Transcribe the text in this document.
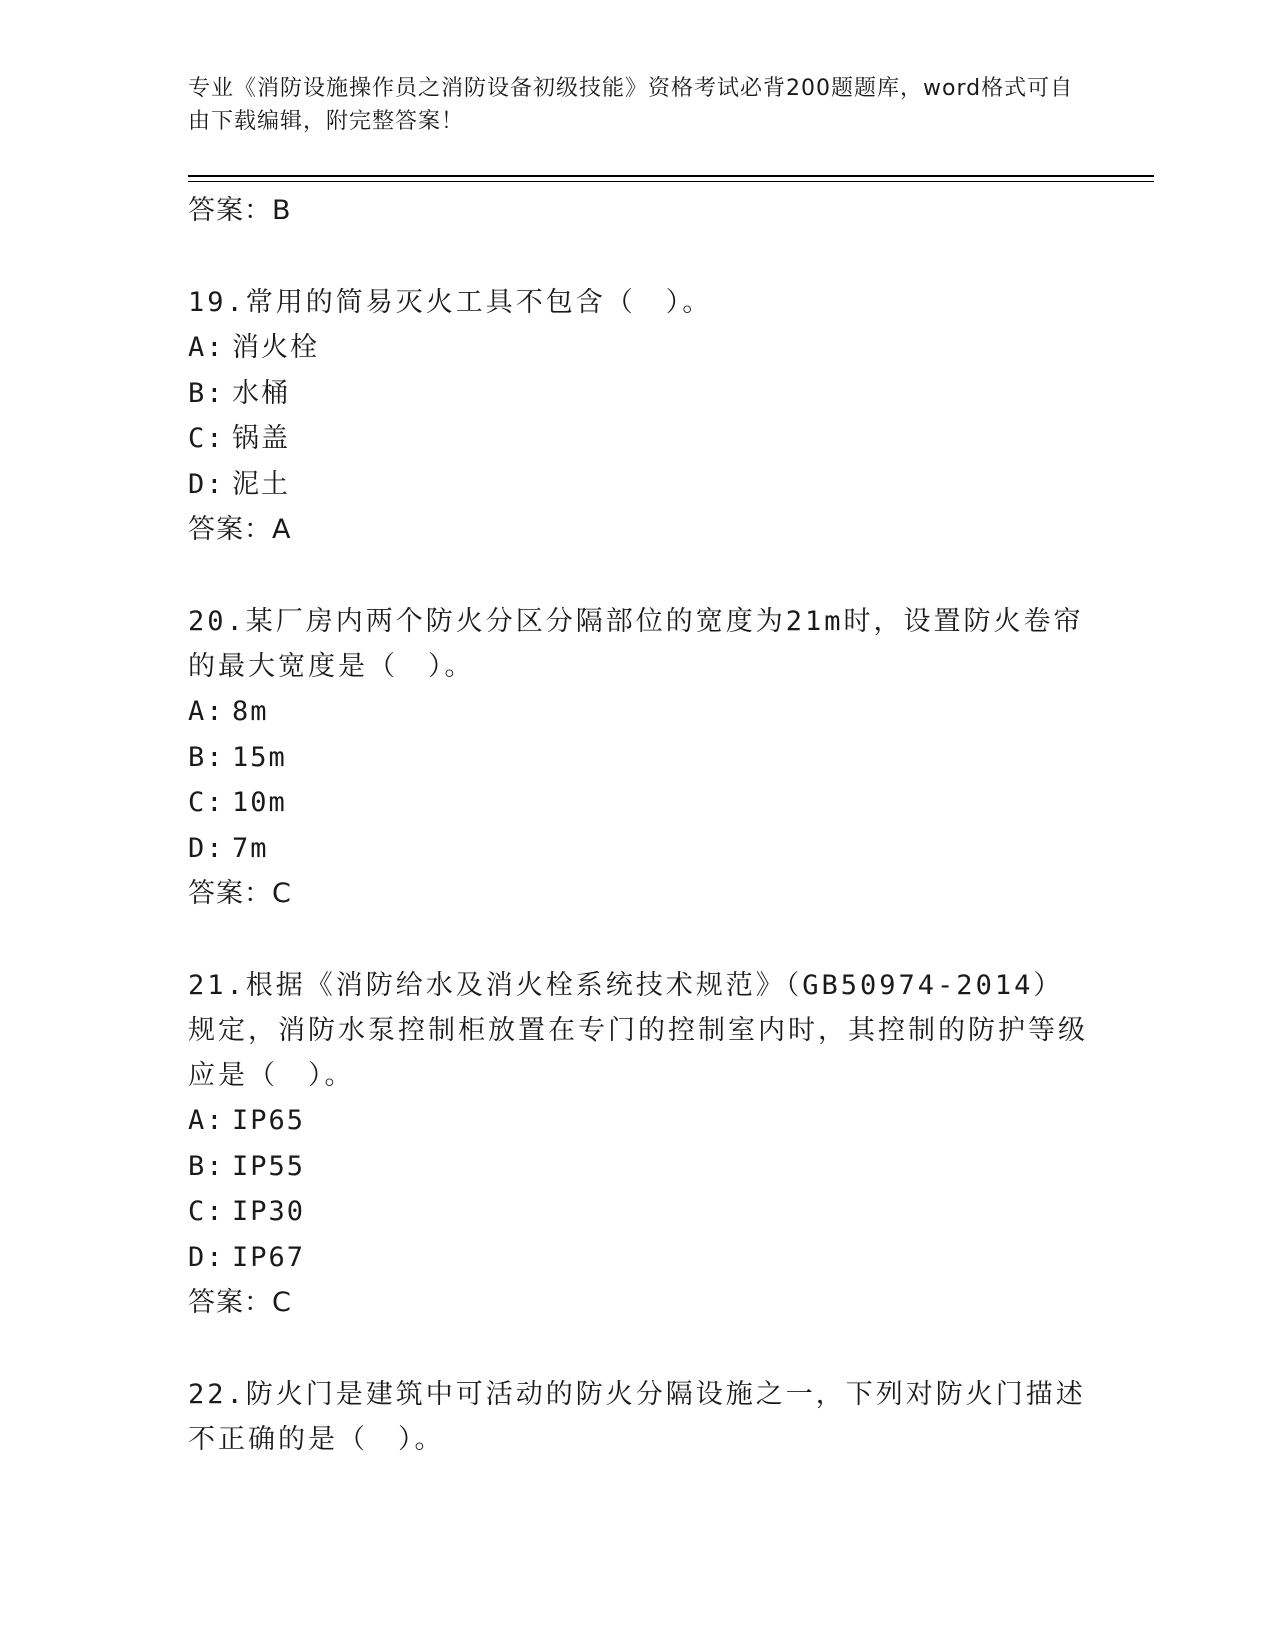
专业《消防设施操作员之消防设备初级技能》资格考试必背200题题库，word格式可自由下载编辑，附完整答案！
答案：B
19.常用的简易灭火工具不包含（　）。
A: 消火栓
B: 水桶
C: 锅盖
D: 泥土
答案：A
20.某厂房内两个防火分区分隔部位的宽度为21m时，设置防火卷帘的最大宽度是（　）。
A: 8m
B: 15m
C: 10m
D: 7m
答案：C
21.根据《消防给水及消火栓系统技术规范》（GB50974-2014）规定，消防水泵控制柜放置在专门的控制室内时，其控制的防护等级应是（　）。
A: IP65
B: IP55
C: IP30
D: IP67
答案：C
22.防火门是建筑中可活动的防火分隔设施之一，下列对防火门描述不正确的是（　）。
